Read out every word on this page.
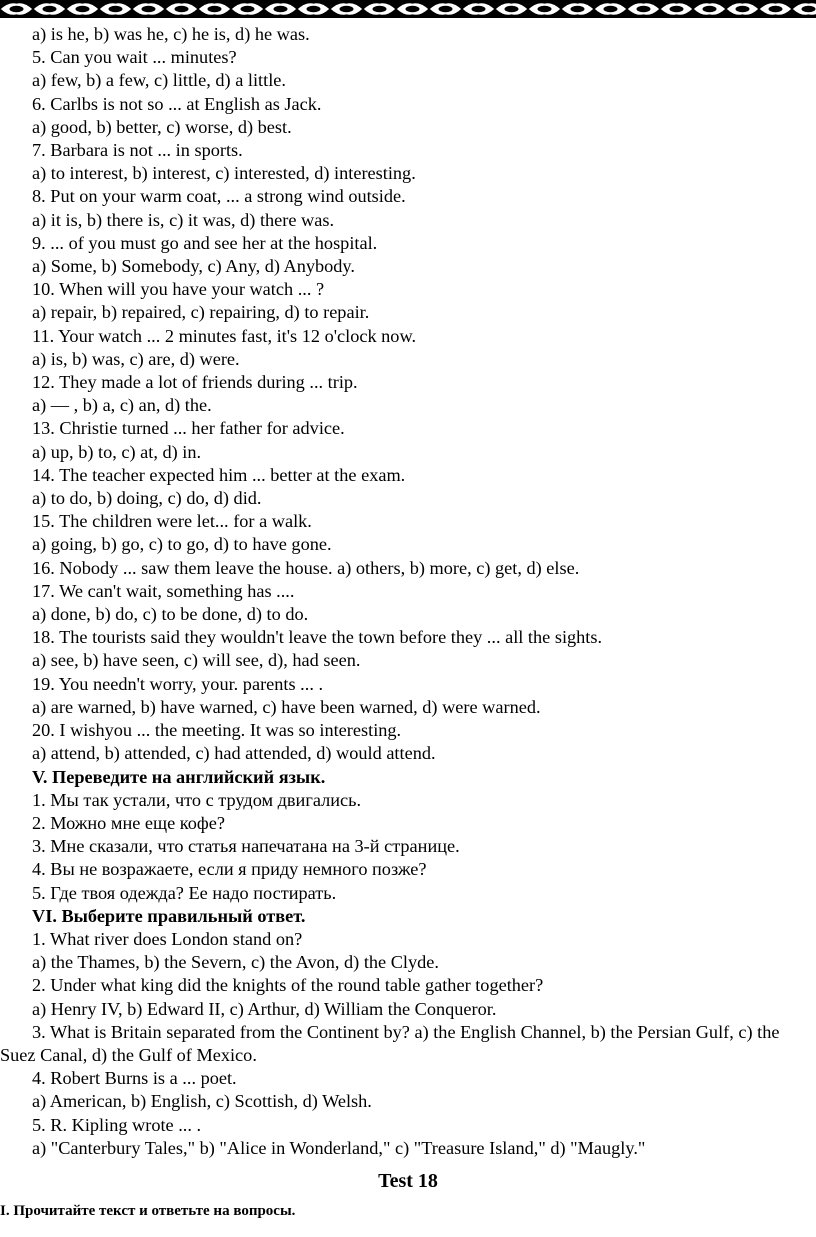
a) is he, b) was he, c) he is, d) he was.
5. Can you wait ... minutes?
a) few, b) a few, c) little, d) a little.
6. Carlbs is not so ... at English as Jack.
a) good, b) better, c) worse, d) best.
7. Barbara is not ... in sports.
a) to interest, b) interest, c) interested, d) interesting.
8. Put on your warm coat, ... a strong wind outside.
a) it is, b) there is, c) it was, d) there was.
9. ... of you must go and see her at the hospital.
a) Some, b) Somebody, c) Any, d) Anybody.
10. When will you have your watch ... ?
a) repair, b) repaired, c) repairing, d) to repair.
11. Your watch ... 2 minutes fast, it's 12 o'clock now.
a) is, b) was, c) are, d) were.
12. They made a lot of friends during ... trip.
a) — , b) a, c) an, d) the.
13. Christie turned ... her father for advice.
a) up, b) to, c) at, d) in.
14. The teacher expected him ... better at the exam.
a) to do, b) doing, c) do, d) did.
15. The children were let... for a walk.
a) going, b) go, c) to go, d) to have gone.
16. Nobody ... saw them leave the house. a) others, b) more, c) get, d) else.
17. We can't wait, something has ....
a) done, b) do, c) to be done, d) to do.
18. The tourists said they wouldn't leave the town before they ... all the sights.
a) see, b) have seen, c) will see, d), had seen.
19. You needn't worry, your. parents ... .
a) are warned, b) have warned, c) have been warned, d) were warned.
20. I wishyou ... the meeting. It was so interesting.
a) attend, b) attended, c) had attended, d) would attend.
V. Переведите на английский язык.
1. Мы так устали, что с трудом двигались.
2. Можно мне еще кофе?
3. Мне сказали, что статья напечатана на 3-й странице.
4. Вы не возражаете, если я приду немного позже?
5. Где твоя одежда? Ее надо постирать.
VI. Выберите правильный ответ.
1. What river does London stand on?
a) the Thames, b) the Severn, c) the Avon, d) the Clyde.
2. Under what king did the knights of the round table gather together?
a) Henry IV, b) Edward II, c) Arthur, d) William the Conqueror.
3. What is Britain separated from the Continent by? a) the English Channel, b) the Persian Gulf, c) the Suez Canal, d) the Gulf of Mexico.
4. Robert Burns is a ... poet.
a) American, b) English, c) Scottish, d) Welsh.
5. R. Kipling wrote ... .
a) "Canterbury Tales," b) "Alice in Wonderland," c) "Treasure Island," d) "Maugly."
Test 18
I. Прочитайте текст и ответьте на вопросы.
